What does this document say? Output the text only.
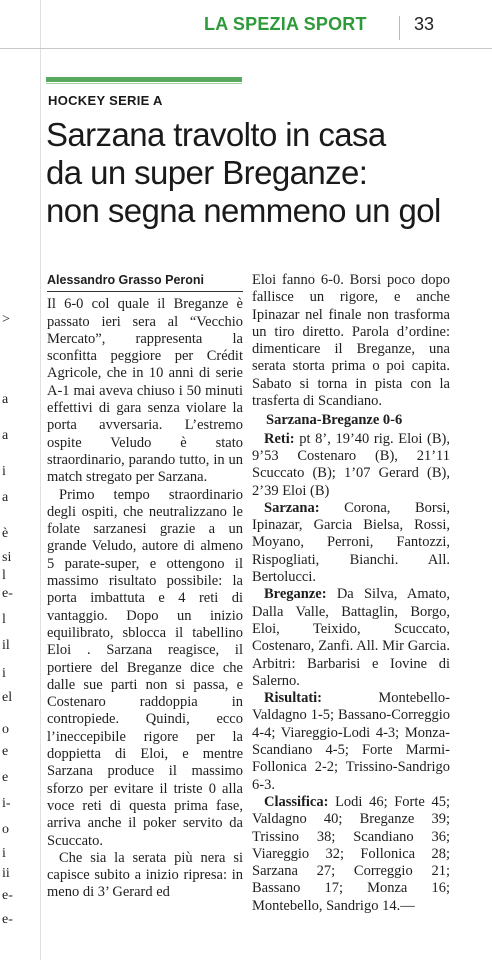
>
a
a
i
a
è
si
l
e-
l
il
i
el
o
e
e
i-
o
i
ii
e-
e-
LA SPEZIA SPORT	33
HOCKEY SERIE A
Sarzana travolto in casa
da un super Breganze:
non segna nemmeno un gol
Alessandro Grasso Peroni

Il 6-0 col quale il Breganze è passato ieri sera al “Vecchio Mercato”, rappresenta la sconfitta peggiore per Crédit Agricole, che in 10 anni di serie A-1 mai aveva chiuso i 50 minuti effettivi di gara senza violare la porta avversaria. L’estremo ospite Veludo è stato straordinario, parando tutto, in un match stregato per Sarzana.

Primo tempo straordinario degli ospiti, che neutralizzano le folate sarzanesi grazie a un grande Veludo, autore di almeno 5 parate-super, e ottengono il massimo risultato possibile: la porta imbattuta e 4 reti di vantaggio. Dopo un inizio equilibrato, sblocca il tabellino Eloi . Sarzana reagisce, il portiere del Breganze dice che dalle sue parti non si passa, e Costenaro raddoppia in contropiede. Quindi, ecco l’ineccepibile rigore per la doppietta di Eloi, e mentre Sarzana produce il massimo sforzo per evitare il triste 0 alla voce reti di questa prima fase, arriva anche il poker servito da Scuccato.

Che sia la serata più nera si capisce subito a inizio ripresa: in meno di 3’ Gerard ed

Eloi fanno 6-0. Borsi poco dopo fallisce un rigore, e anche Ipinazar nel finale non trasforma un tiro diretto. Parola d’ordine: dimenticare il Breganze, una serata storta prima o poi capita. Sabato si torna in pista con la trasferta di Scandiano.

Sarzana-Breganze 0-6

Reti: pt 8’, 19’40 rig. Eloi (B), 9’53 Costenaro (B), 21’11 Scuccato (B); 1’07 Gerard (B), 2’39 Eloi (B)

Sarzana: Corona, Borsi, Ipinazar, Garcia Bielsa, Rossi, Moyano, Perroni, Fantozzi, Rispogliati, Bianchi. All. Bertolucci.

Breganze: Da Silva, Amato, Dalla Valle, Battaglin, Borgo, Eloi, Teixido, Scuccato, Costenaro, Zanfi. All. Mir Garcia. Arbitri: Barbarisi e Iovine di Salerno.

Risultati: Montebello-Valdagno 1-5; Bassano-Correggio 4-4; Viareggio-Lodi 4-3; Monza-Scandiano 4-5; Forte Marmi-Follonica 2-2; Trissino-Sandrigo 6-3.

Classifica: Lodi 46; Forte 45; Valdagno 40; Breganze 39; Trissino 38; Scandiano 36; Viareggio 32; Follonica 28; Sarzana 27; Correggio 21; Bassano 17; Monza 16; Montebello, Sandrigo 14.—
